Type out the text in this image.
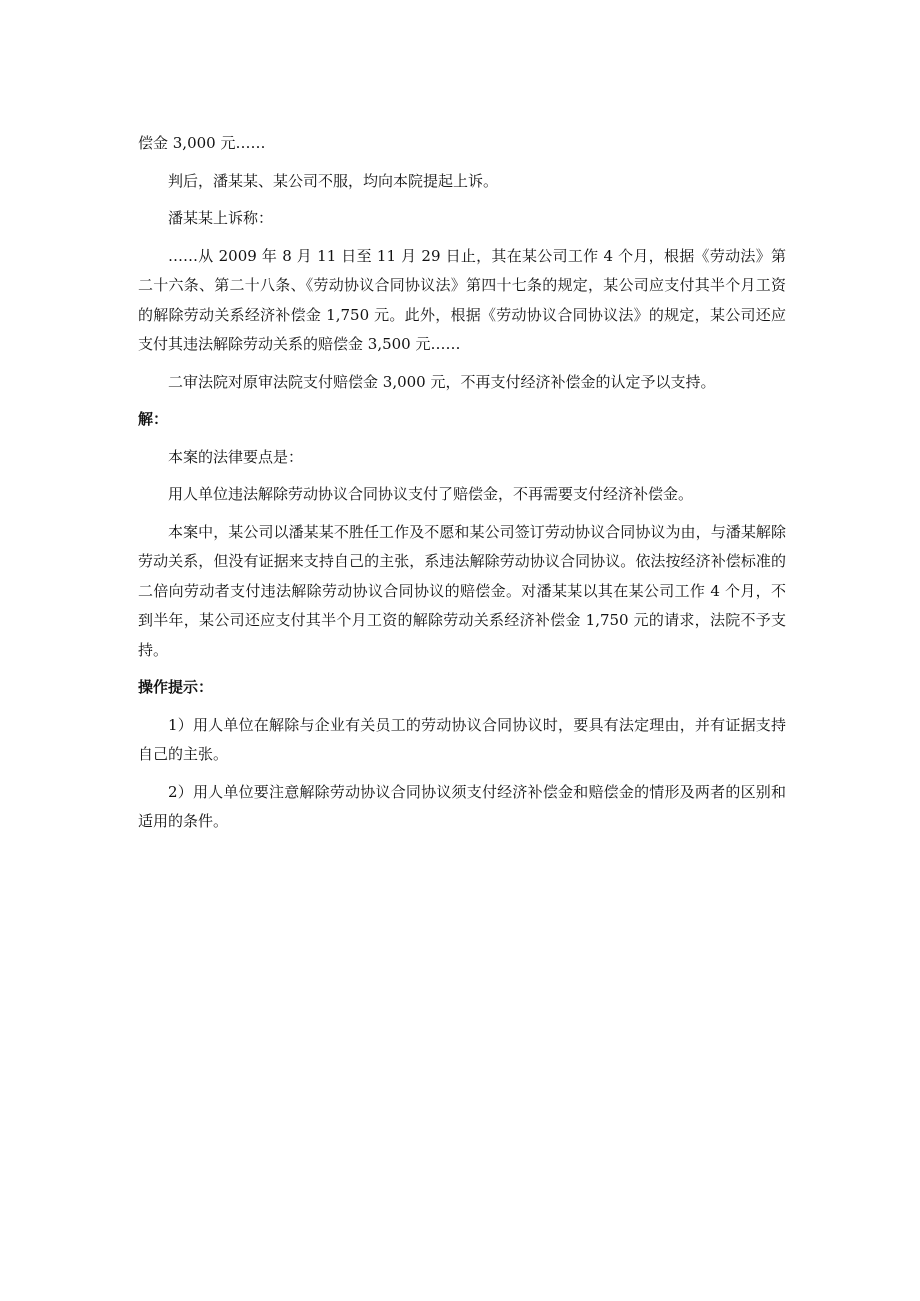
偿金 3,000 元……

判后，潘某某、某公司不服，均向本院提起上诉。

潘某某上诉称：

……从 2009 年 8 月 11 日至 11 月 29 日止，其在某公司工作 4 个月，根据《劳动法》第二十六条、第二十八条、《劳动协议合同协议法》第四十七条的规定，某公司应支付其半个月工资的解除劳动关系经济补偿金 1,750 元。此外，根据《劳动协议合同协议法》的规定，某公司还应支付其违法解除劳动关系的赔偿金 3,500 元……

二审法院对原审法院支付赔偿金 3,000 元，不再支付经济补偿金的认定予以支持。

解：

本案的法律要点是：

用人单位违法解除劳动协议合同协议支付了赔偿金，不再需要支付经济补偿金。

本案中，某公司以潘某某不胜任工作及不愿和某公司签订劳动协议合同协议为由，与潘某解除劳动关系，但没有证据来支持自己的主张，系违法解除劳动协议合同协议。依法按经济补偿标准的二倍向劳动者支付违法解除劳动协议合同协议的赔偿金。对潘某某以其在某公司工作 4 个月，不到半年，某公司还应支付其半个月工资的解除劳动关系经济补偿金 1,750 元的请求，法院不予支持。

操作提示：

1）用人单位在解除与企业有关员工的劳动协议合同协议时，要具有法定理由，并有证据支持自己的主张。

2）用人单位要注意解除劳动协议合同协议须支付经济补偿金和赔偿金的情形及两者的区别和适用的条件。
